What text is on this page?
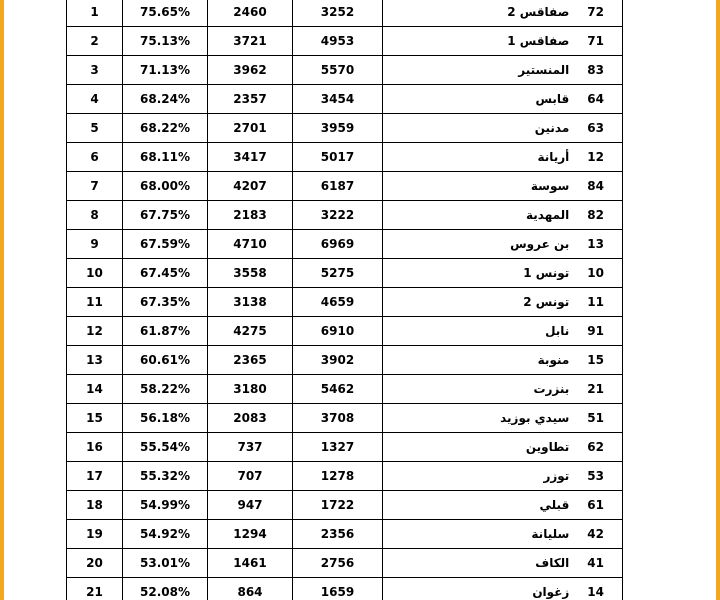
1	75.65%	2460	3252	صفاقس 2 72

2	75.13%	3721	4953	صفاقس 1 71

3	71.13%	3962	5570	المنستير 83

4	68.24%	2357	3454	قابس 64

5	68.22%	2701	3959	مدنين 63

6	68.11%	3417	5017	أريانة 12

7	68.00%	4207	6187	سوسة 84

8	67.75%	2183	3222	المهدية 82

9	67.59%	4710	6969	بن عروس 13

10	67.45%	3558	5275	تونس 1 10

11	67.35%	3138	4659	تونس 2 11

12	61.87%	4275	6910	نابل 91

13	60.61%	2365	3902	منوبة 15

14	58.22%	3180	5462	بنزرت 21

15	56.18%	2083	3708	سيدي بوزيد 51

16	55.54%	737	1327	تطاوين 62

17	55.32%	707	1278	توزر 53

18	54.99%	947	1722	قبلي 61

19	54.92%	1294	2356	سليانة 42

20	53.01%	1461	2756	الكاف 41

21	52.08%	864	1659	زغوان 14
